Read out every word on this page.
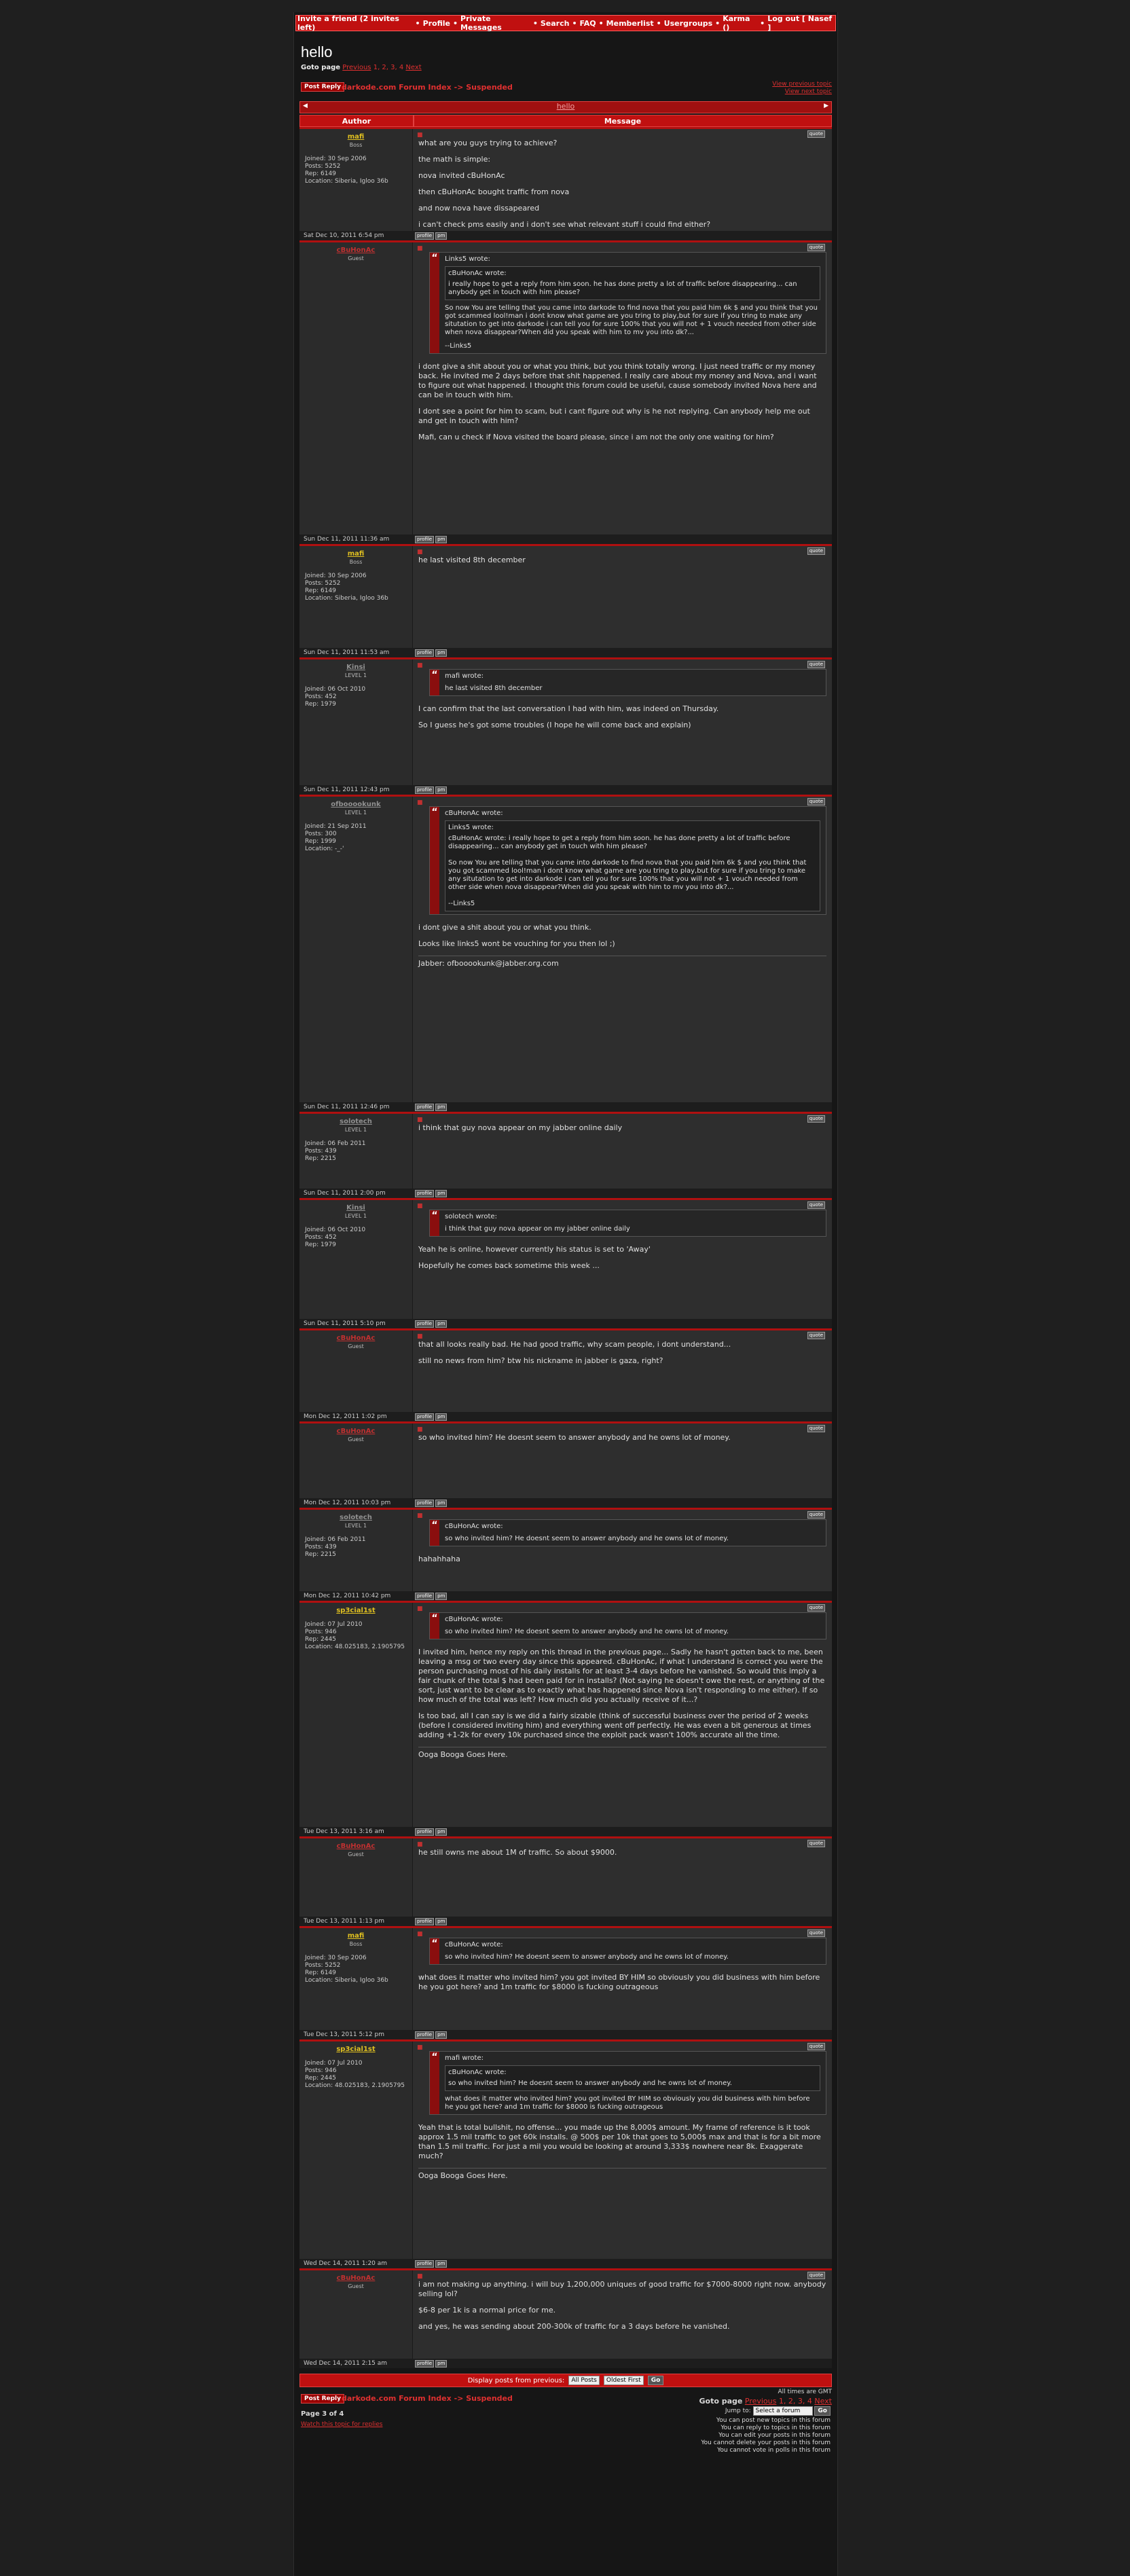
Invite a friend (2 invites left)	• Profile • Private Messages	• Search • FAQ • Memberlist • Usergroups • Karma ()	• Log out [ Nasef ]
hello
Goto page Previous 1, 2, 3, 4 Next
Post Reply darkode.com Forum Index -> Suspended	View previous topic
View next topic
◀	hello	▶
Author	Message
mafi
Boss
Joined: 30 Sep 2006
Posts: 5252
Rep: 6149
Location: Siberia, Igloo 36b
■	quote

what are you guys trying to achieve?

the math is simple:

nova invited cBuHonAc

then cBuHonAc bought traffic from nova

and now nova have dissapeared

i can't check pms easily and i don't see what relevant stuff i could find either?

Sat Dec 10, 2011 6:54 pm	profile pm
cBuHonAc
Guest
■	quote
“ Links5 wrote:
cBuHonAc wrote:
i really hope to get a reply from him soon. he has done pretty a lot of traffic before disappearing... can anybody get in touch with him please?
So now You are telling that you came into darkode to find nova that you paid him 6k $ and you think that you got scammed lool!man i dont know what game are you tring to play,but for sure if you tring to make any situtation to get into darkode i can tell you for sure 100% that you will not + 1 vouch needed from other side when nova disappear?When did you speak with him to mv you into dk?...
--Links5

i dont give a shit about you or what you think, but you think totally wrong. I just need traffic or my money back. He invited me 2 days before that shit happened. I really care about my money and Nova, and i want to figure out what happened. I thought this forum could be useful, cause somebody invited Nova here and can be in touch with him.

I dont see a point for him to scam, but i cant figure out why is he not replying. Can anybody help me out and get in touch with him?

Mafi, can u check if Nova visited the board please, since i am not the only one waiting for him?

Sun Dec 11, 2011 11:36 am	profile pm
mafi
Boss
Joined: 30 Sep 2006
Posts: 5252
Rep: 6149
Location: Siberia, Igloo 36b
■	quote

he last visited 8th december

Sun Dec 11, 2011 11:53 am	profile pm
Kinsi
LEVEL 1
Joined: 06 Oct 2010
Posts: 452
Rep: 1979
■	quote
“ mafi wrote:
he last visited 8th december

I can confirm that the last conversation I had with him, was indeed on Thursday.

So I guess he's got some troubles (I hope he will come back and explain)

Sun Dec 11, 2011 12:43 pm	profile pm
ofbooookunk
LEVEL 1
Joined: 21 Sep 2011
Posts: 300
Rep: 1999
Location: -_-'
■	quote
“ cBuHonAc wrote:
Links5 wrote:
cBuHonAc wrote: i really hope to get a reply from him soon. he has done pretty a lot of traffic before disappearing... can anybody get in touch with him please?

So now You are telling that you came into darkode to find nova that you paid him 6k $ and you think that you got scammed lool!man i dont know what game are you tring to play,but for sure if you tring to make any situtation to get into darkode i can tell you for sure 100% that you will not + 1 vouch needed from other side when nova disappear?When did you speak with him to mv you into dk?...

--Links5

i dont give a shit about you or what you think.

Looks like links5 wont be vouching for you then lol ;)

Jabber: ofbooookunk@jabber.org.com
Sun Dec 11, 2011 12:46 pm	profile pm
solotech
LEVEL 1
Joined: 06 Feb 2011
Posts: 439
Rep: 2215
■	quote

i think that guy nova appear on my jabber online daily

Sun Dec 11, 2011 2:00 pm	profile pm
Kinsi
LEVEL 1
Joined: 06 Oct 2010
Posts: 452
Rep: 1979
■	quote
“ solotech wrote:
i think that guy nova appear on my jabber online daily

Yeah he is online, however currently his status is set to 'Away'

Hopefully he comes back sometime this week ...

Sun Dec 11, 2011 5:10 pm	profile pm
cBuHonAc
Guest
■	quote

that all looks really bad. He had good traffic, why scam people, i dont understand...

still no news from him? btw his nickname in jabber is gaza, right?

Mon Dec 12, 2011 1:02 pm	profile pm
cBuHonAc
Guest
■	quote

so who invited him? He doesnt seem to answer anybody and he owns lot of money.

Mon Dec 12, 2011 10:03 pm	profile pm
solotech
LEVEL 1
Joined: 06 Feb 2011
Posts: 439
Rep: 2215
■	quote
“ cBuHonAc wrote:
so who invited him? He doesnt seem to answer anybody and he owns lot of money.

hahahhaha

Mon Dec 12, 2011 10:42 pm	profile pm
sp3cial1st
Joined: 07 Jul 2010
Posts: 946
Rep: 2445
Location: 48.025183, 2.1905795
■	quote
“ cBuHonAc wrote:
so who invited him? He doesnt seem to answer anybody and he owns lot of money.

I invited him, hence my reply on this thread in the previous page... Sadly he hasn't gotten back to me, been leaving a msg or two every day since this appeared. cBuHonAc, if what I understand is correct you were the person purchasing most of his daily installs for at least 3-4 days before he vanished. So would this imply a fair chunk of the total $ had been paid for in installs? (Not saying he doesn't owe the rest, or anything of the sort, just want to be clear as to exactly what has happened since Nova isn't responding to me either). If so how much of the total was left? How much did you actually receive of it...?

Is too bad, all I can say is we did a fairly sizable (think of successful business over the period of 2 weeks (before I considered inviting him) and everything went off perfectly. He was even a bit generous at times adding +1-2k for every 10k purchased since the exploit pack wasn't 100% accurate all the time.

Ooga Booga Goes Here.
Tue Dec 13, 2011 3:16 am	profile pm
cBuHonAc
Guest
■	quote

he still owns me about 1M of traffic. So about $9000.

Tue Dec 13, 2011 1:13 pm	profile pm
mafi
Boss
Joined: 30 Sep 2006
Posts: 5252
Rep: 6149
Location: Siberia, Igloo 36b
■	quote
“ cBuHonAc wrote:
so who invited him? He doesnt seem to answer anybody and he owns lot of money.

what does it matter who invited him? you got invited BY HIM so obviously you did business with him before he you got here? and 1m traffic for $8000 is fucking outrageous

Tue Dec 13, 2011 5:12 pm	profile pm
sp3cial1st
Joined: 07 Jul 2010
Posts: 946
Rep: 2445
Location: 48.025183, 2.1905795
■	quote
“ mafi wrote:
cBuHonAc wrote:
so who invited him? He doesnt seem to answer anybody and he owns lot of money.
what does it matter who invited him? you got invited BY HIM so obviously you did business with him before he you got here? and 1m traffic for $8000 is fucking outrageous

Yeah that is total bullshit, no offense... you made up the 8,000$ amount. My frame of reference is it took approx 1.5 mil traffic to get 60k installs. @ 500$ per 10k that goes to 5,000$ max and that is for a bit more than 1.5 mil traffic. For just a mil you would be looking at around 3,333$ nowhere near 8k. Exaggerate much?

Ooga Booga Goes Here.
Wed Dec 14, 2011 1:20 am	profile pm
cBuHonAc
Guest
■	quote

i am not making up anything. i will buy 1,200,000 uniques of good traffic for $7000-8000 right now. anybody selling lol?

$6-8 per 1k is a normal price for me.

and yes, he was sending about 200-300k of traffic for a 3 days before he vanished.

Wed Dec 14, 2011 2:15 am	profile pm
Display posts from previous:	All Posts	Oldest First	Go
Post Reply darkode.com Forum Index -> Suspended
All times are GMT
Goto page Previous 1, 2, 3, 4 Next
Page 3 of 4
Watch this topic for replies
Jump to: Select a forum	Go
You can post new topics in this forum
You can reply to topics in this forum
You can edit your posts in this forum
You cannot delete your posts in this forum
You cannot vote in polls in this forum
